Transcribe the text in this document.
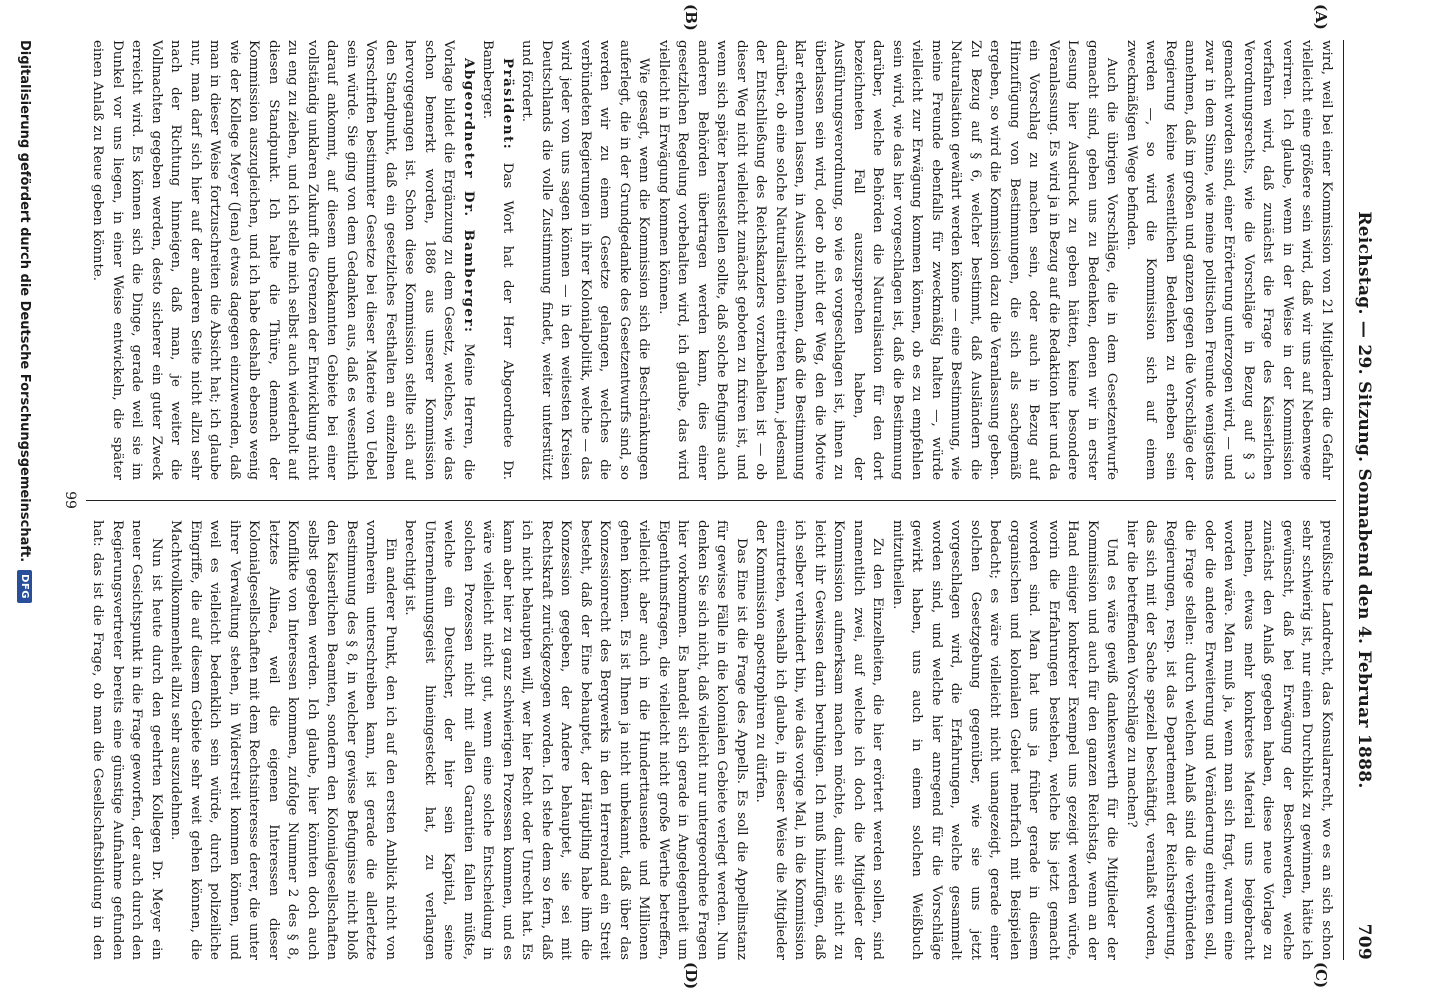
Reichstag. — 29. Sitzung. Sonnabend den 4. Februar 1888.
709
(A)
(B)
(C)
(D)

wird, weil bei einer Kommission von 21 Mitgliedern die Gefahr vielleicht eine größere sein wird, daß wir uns auf Nebenwege verirren. Ich glaube, wenn in der Weise in der Kommission verfahren wird, daß zunächst die Frage des Kaiserlichen Verordnungsrechts, wie die Vorschläge in Bezug auf § 3 gemacht worden sind, einer Erörterung unterzogen wird, — und zwar in dem Sinne, wie meine politischen Freunde wenigstens annehmen, daß im großen und ganzen gegen die Vorschläge der Regierung keine wesentlichen Bedenken zu erheben sein werden —, so wird die Kommission sich auf einem zweckmäßigen Wege befinden.

Auch die übrigen Vorschläge, die in dem Gesetzentwurfe gemacht sind, geben uns zu Bedenken, denen wir in erster Lesung hier Ausdruck zu geben hätten, keine besondere Veranlassung. Es wird ja in Bezug auf die Redaktion hier und da ein Vorschlag zu machen sein, oder auch in Bezug auf Hinzufügung von Bestimmungen, die sich als sachgemäß ergeben, so wird die Kommission dazu die Veranlassung geben. Zu Bezug auf § 6, welcher bestimmt, daß Ausländern die Naturalisation gewährt werden könne — eine Bestimmung, wie meine Freunde ebenfalls für zweckmäßig halten —, würde vielleicht zur Erwägung kommen können, ob es zu empfehlen sein wird, wie das hier vorgeschlagen ist, daß die Bestimmung darüber, welche Behörden die Naturalisation für den dort bezeichneten Fall auszusprechen haben, der Ausführungsverordnung, so wie es vorgeschlagen ist, ihnen zu überlassen sein wird, oder ob nicht der Weg, den die Motive klar erkennen lassen, in Aussicht nehmen, daß die Bestimmung darüber, ob eine solche Naturalisation eintreten kann, jedesmal der Entschließung des Reichskanzlers vorzubehalten ist — ob dieser Weg nicht vielleicht zunächst geboten zu fixiren ist, und wenn sich später herausstellen sollte, daß solche Befugnis auch anderen Behörden übertragen werden kann, dies einer gesetzlichen Regelung vorbehalten wird, ich glaube, das wird vielleicht in Erwägung kommen können.

Wie gesagt, wenn die Kommission sich die Beschränkungen auferlegt, die in der Grundgedanke des Gesetzentwurfs sind, so werden wir zu einem Gesetze gelangen, welches die verbündeten Regierungen in ihrer Kolonialpolitik, welche — das wird jeder von uns sagen können — in den weitesten Kreisen Deutschlands die volle Zustimmung findet, weiter unterstützt und fördert.

Präsident: Das Wort hat der Herr Abgeordnete Dr. Bamberger.

Abgeordneter Dr. Bamberger: Meine Herren, die Vorlage bildet die Ergänzung zu dem Gesetz, welches, wie das schon bemerkt worden, 1886 aus unserer Kommission hervorgegangen ist. Schon diese Kommission stellte sich auf den Standpunkt, daß ein gesetzliches Festhalten an einzelnen Vorschriften bestimmter Gesetze bei dieser Materie von Uebel sein würde. Sie ging von dem Gedanken aus, daß es wesentlich darauf ankommt, auf diesem unbekannten Gebiete bei einer vollständig unklaren Zukunft die Grenzen der Entwicklung nicht zu eng zu ziehen, und ich stelle mich selbst auch wiederholt auf diesen Standpunkt. Ich halte die Thüre, demnach der Kommission auszugleichen, und ich habe deshalb ebenso wenig wie der Kollege Meyer (Jena) etwas dagegen einzuwenden, daß man in dieser Weise fortzuschreiten die Absicht hat; ich glaube nur, man darf sich hier auf der anderen Seite nicht allzu sehr nach der Richtung hinneigen, daß man, je weiter die Vollmachten gegeben werden, desto sicherer ein guter Zweck erreicht wird. Es können sich die Dinge, gerade weil sie im Dunkel vor uns liegen, in einer Weise entwickeln, die später einen Anlaß zu Reue geben könnte.

preußische Landrecht, das Konsularrecht, wo es an sich schon sehr schwierig ist, nur einen Durchblick zu gewinnen, hätte ich gewünscht, daß bei Erwägung der Beschwerden, welche zunächst den Anlaß gegeben haben, diese neue Vorlage zu machen, etwas mehr konkretes Material uns beigebracht worden wäre. Man muß ja, wenn man sich fragt, warum eine oder die andere Erweiterung und Veränderung eintreten soll, die Frage stellen: durch welchen Anlaß sind die verbündeten Regierungen, resp. ist das Departement der Reichsregierung, das sich mit der Sache speziell beschäftigt, veranlaßt worden, hier die betreffenden Vorschläge zu machen?

Und es wäre gewiß dankenswerth für die Mitglieder der Kommission und auch für den ganzen Reichstag, wenn an der Hand einiger konkreter Exempel uns gezeigt werden würde, worin die Erfahrungen bestehen, welche bis jetzt gemacht worden sind. Man hat uns ja früher gerade in diesem organischen und kolonialen Gebiet mehrfach mit Beispielen bedacht; es wäre vielleicht nicht unangezeigt, gerade einer solchen Gesetzgebung gegenüber, wie sie uns jetzt vorgeschlagen wird, die Erfahrungen, welche gesammelt worden sind, und welche hier anregend für die Vorschläge gewirkt haben, uns auch in einem solchen Weißbuch mitzutheilen.

Zu den Einzelheiten, die hier erörtert werden sollen, sind namentlich zwei, auf welche ich doch die Mitglieder der Kommission aufmerksam machen möchte, damit sie nicht zu leicht ihr Gewissen darin beruhigen. Ich muß hinzufügen, daß ich selber verhindert bin, wie das vorige Mal, in die Kommission einzutreten, weshalb ich glaube, in dieser Weise die Mitglieder der Kommission apostrophiren zu dürfen.

Das Eine ist die Frage des Appells. Es soll die Appellinstanz für gewisse Fälle in die kolonialen Gebiete verlegt werden. Nun denken Sie sich nicht, daß vielleicht nur untergeordnete Fragen hier vorkommen. Es handelt sich gerade in Angelegenheit um Eigenthumsfragen, die vielleicht nicht große Werthe betreffen, vielleicht aber auch in die Hunderttausende und Millionen gehen können. Es ist Ihnen ja nicht unbekannt, daß über das Konzessionrecht des Bergwerks in den Herreroland ein Streit besteht, daß der Eine behauptet, der Häuptling habe ihm die Konzession gegeben, der Andere behauptet, sie sei mit Rechtskraft zurückgezogen worden. Ich stehe dem so fern, daß ich nicht behaupten will, wer hier Recht oder Unrecht hat. Es kann aber hier zu ganz schwierigen Prozessen kommen, und es wäre vielleicht nicht gut, wenn eine solche Entscheidung in solchen Prozessen nicht mit allen Garantien fallen müßte, welche ein Deutscher, der hier sein Kapital, seine Unternehmungsgeist hineingesteckt hat, zu verlangen berechtigt ist.

Ein anderer Punkt, den ich auf den ersten Anblick nicht von vornherein unterschreiben kann, ist gerade die allerletzte Bestimmung des § 8, in welcher gewisse Befugnisse nicht bloß den Kaiserlichen Beamten, sondern den Kolonialgesellschaften selbst gegeben werden. Ich glaube, hier könnten doch auch Konflikte von Interessen kommen, zufolge Nummer 2 des § 8, letztes Alinea, weil die eigenen Interessen dieser Kolonialgesellschaften mit dem Rechtsinteresse derer, die unter ihrer Verwaltung stehen, in Widerstreit kommen können, und weil es vielleicht bedenklich sein würde, durch polizeiliche Eingriffe, die auf diesem Gebiete sehr weit gehen können, die Machtvollkommenheit allzu sehr auszudehnen.

Nun ist heute durch den geehrten Kollegen Dr. Meyer ein neuer Gesichtspunkt in die Frage geworfen, der auch durch den Regierungsvertreter bereits eine günstige Aufnahme gefunden hat: das ist die Frage, ob man die Gesellschaftsbildung in den

99
Digitalisierung gefördert durch die Deutsche Forschungsgemeinschaft.
DFG
